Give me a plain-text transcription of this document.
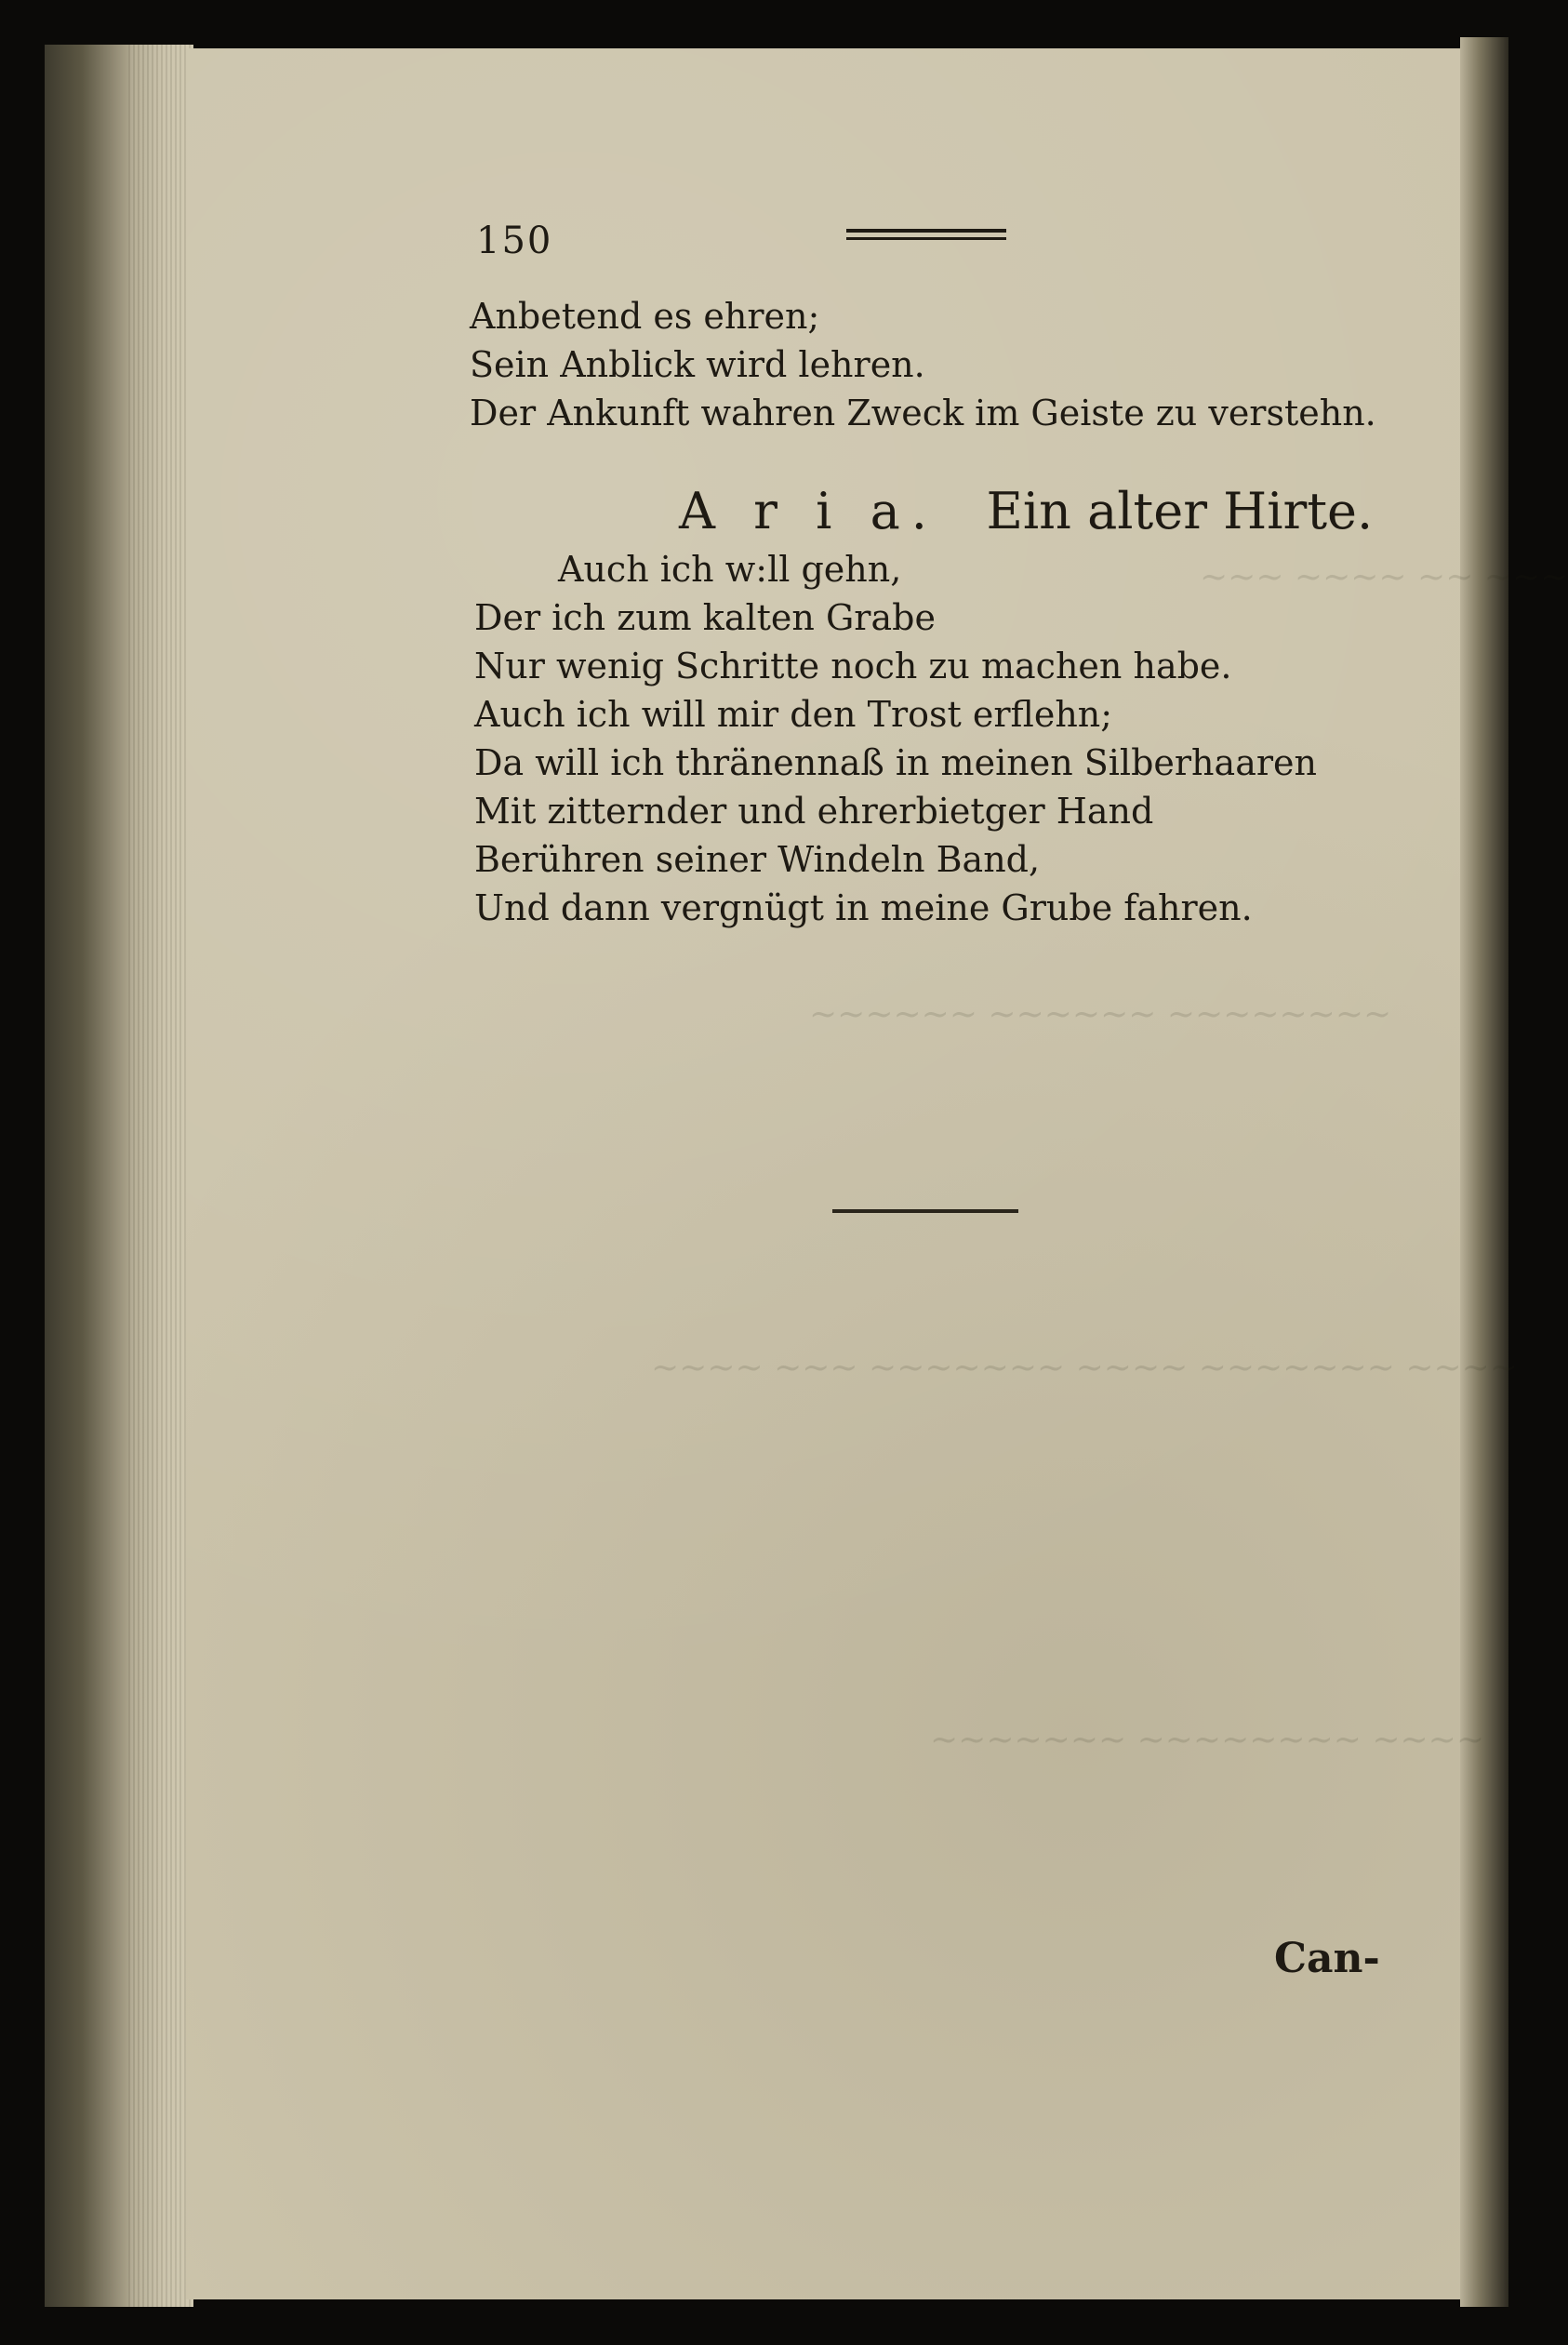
~~~ ~~~~ ~~ ~~~
~~~~~~ ~~~~~~ ~~~~~~~~
~~~~ ~~~ ~~~~~~~ ~~~~ ~~~~~~~ ~~~~
~~~~~~~ ~~~~~~~~ ~~~~
150
Anbetend es ehren;
Sein Anblick wird lehren.
Der Ankunft wahren Zweck im Geiste zu verstehn.
A r i a. Ein alter Hirte.
Auch ich w:ll gehn,
Der ich zum kalten Grabe
Nur wenig Schritte noch zu machen habe.
Auch ich will mir den Trost erflehn;
Da will ich thränennaß in meinen Silberhaaren
Mit zitternder und ehrerbietger Hand
Berühren seiner Windeln Band,
Und dann vergnügt in meine Grube fahren.
Can-
